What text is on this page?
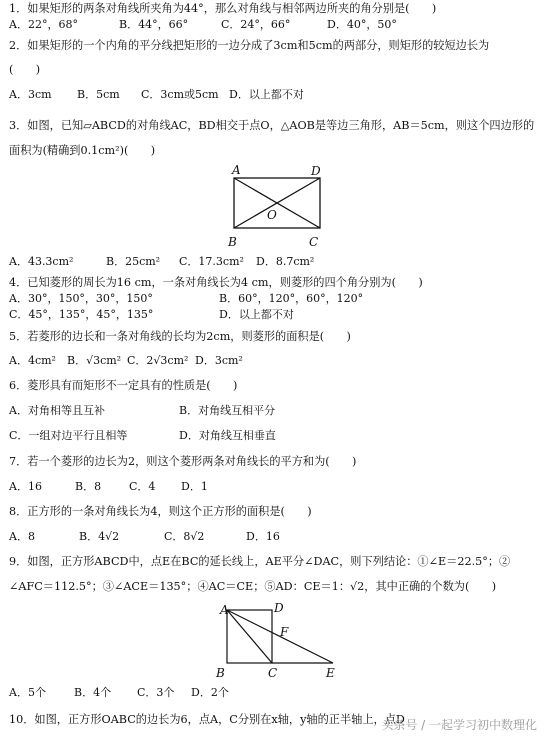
1．如果矩形的两条对角线所夹角为44°，那么对角线与相邻两边所夹的角分别是(　　)
A．22°，68°	B．44°，66°	C．24°，66°	D．40°，50°
2．如果矩形的一个内角的平分线把矩形的一边分成了3cm和5cm的两部分，则矩形的较短边长为
(　　)
A．3cm B．5cm C．3cm或5cm D．以上都不对
3．如图，已知▱ABCD的对角线AC，BD相交于点O，△AOB是等边三角形，AB＝5cm，则这个四边形的
面积为(精确到0.1cm²)(　　)
A	D
O
B	C
A．43.3cm²	B．25cm² C．17.3cm² D．8.7cm²
4．已知菱形的周长为16 cm，一条对角线长为4 cm，则菱形的四个角分别为(　　)
A．30°，150°，30°，150°	B．60°，120°，60°，120°
C．45°，135°，45°，135°	D．以上都不对
5．若菱形的边长和一条对角线的长均为2cm，则菱形的面积是(　　)
A．4cm² B．√3cm² C．2√3cm² D．3cm²
6．菱形具有而矩形不一定具有的性质是(　　)
A．对角相等且互补	B．对角线互相平分
C．一组对边平行且相等	D．对角线互相垂直
7．若一个菱形的边长为2，则这个菱形两条对角线长的平方和为(　　)
A．16	B．8	C．4 D．1
8．正方形的一条对角线长为4，则这个正方形的面积是(　　)
A．8	B．4√2	C．8√2	D．16
9．如图，正方形ABCD中，点E在BC的延长线上，AE平分∠DAC，则下列结论：①∠E＝22.5°；②
∠AFC＝112.5°；③∠ACE＝135°；④AC＝CE；⑤AD：CE＝1：√2，其中正确的个数为(　　)
A	D
F
B	C	E
A．5个	B．4个 C．3个 D．2个
10．如图，正方形OABC的边长为6，点A，C分别在x轴，y轴的正半轴上，点D
头条号 / 一起学习初中数理化
